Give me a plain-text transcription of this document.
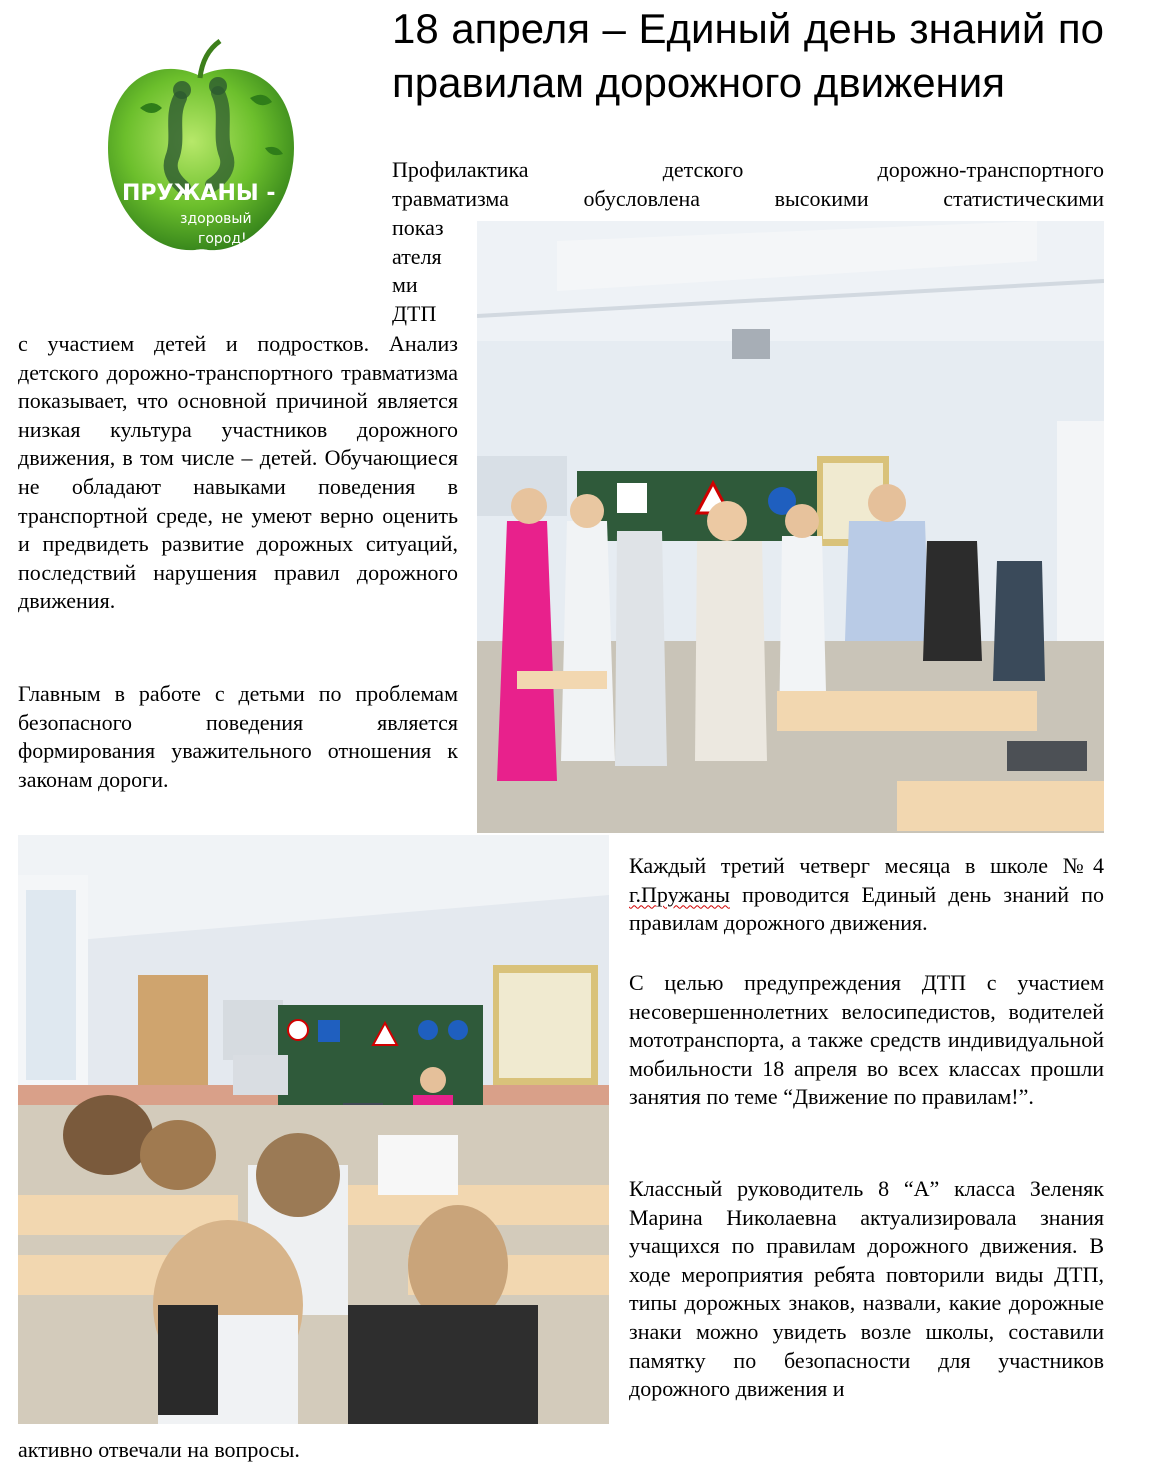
18 апреля – Единый день знаний по правилам дорожного движения
ПРУЖАНЫ -
здоровый
город!
Профилактика детского дорожно-транспортного
травматизма обусловлена высокими статистическими
показ
ателя
ми
ДТП
с участием детей и подростков. Анализ детского дорожно-транспортного травматизма показывает, что основной причиной является низкая культура участников дорожного движения, в том числе – детей. Обучающиеся не обладают навыками поведения в транспортной среде, не умеют верно оценить и предвидеть развитие дорожных ситуаций, последствий нарушения правил дорожного движения.
Главным в работе с детьми по проблемам безопасного поведения является формирования уважительного отношения к законам дороги.
Каждый третий четверг месяца в школе №4 г.Пружаны проводится Единый день знаний по правилам дорожного движения.
С целью предупреждения ДТП с участием несовершеннолетних велосипедистов, водителей мототранспорта, а также средств индивидуальной мобильности 18 апреля во всех классах прошли занятия по теме “Движение по правилам!”.
Классный руководитель 8 “А” класса Зеленяк Марина Николаевна актуализировала знания учащихся по правилам дорожного движения. В ходе мероприятия ребята повторили виды ДТП, типы дорожных знаков, назвали, какие дорожные знаки можно увидеть возле школы, составили памятку по безопасности для участников дорожного движения и
активно отвечали на вопросы.
